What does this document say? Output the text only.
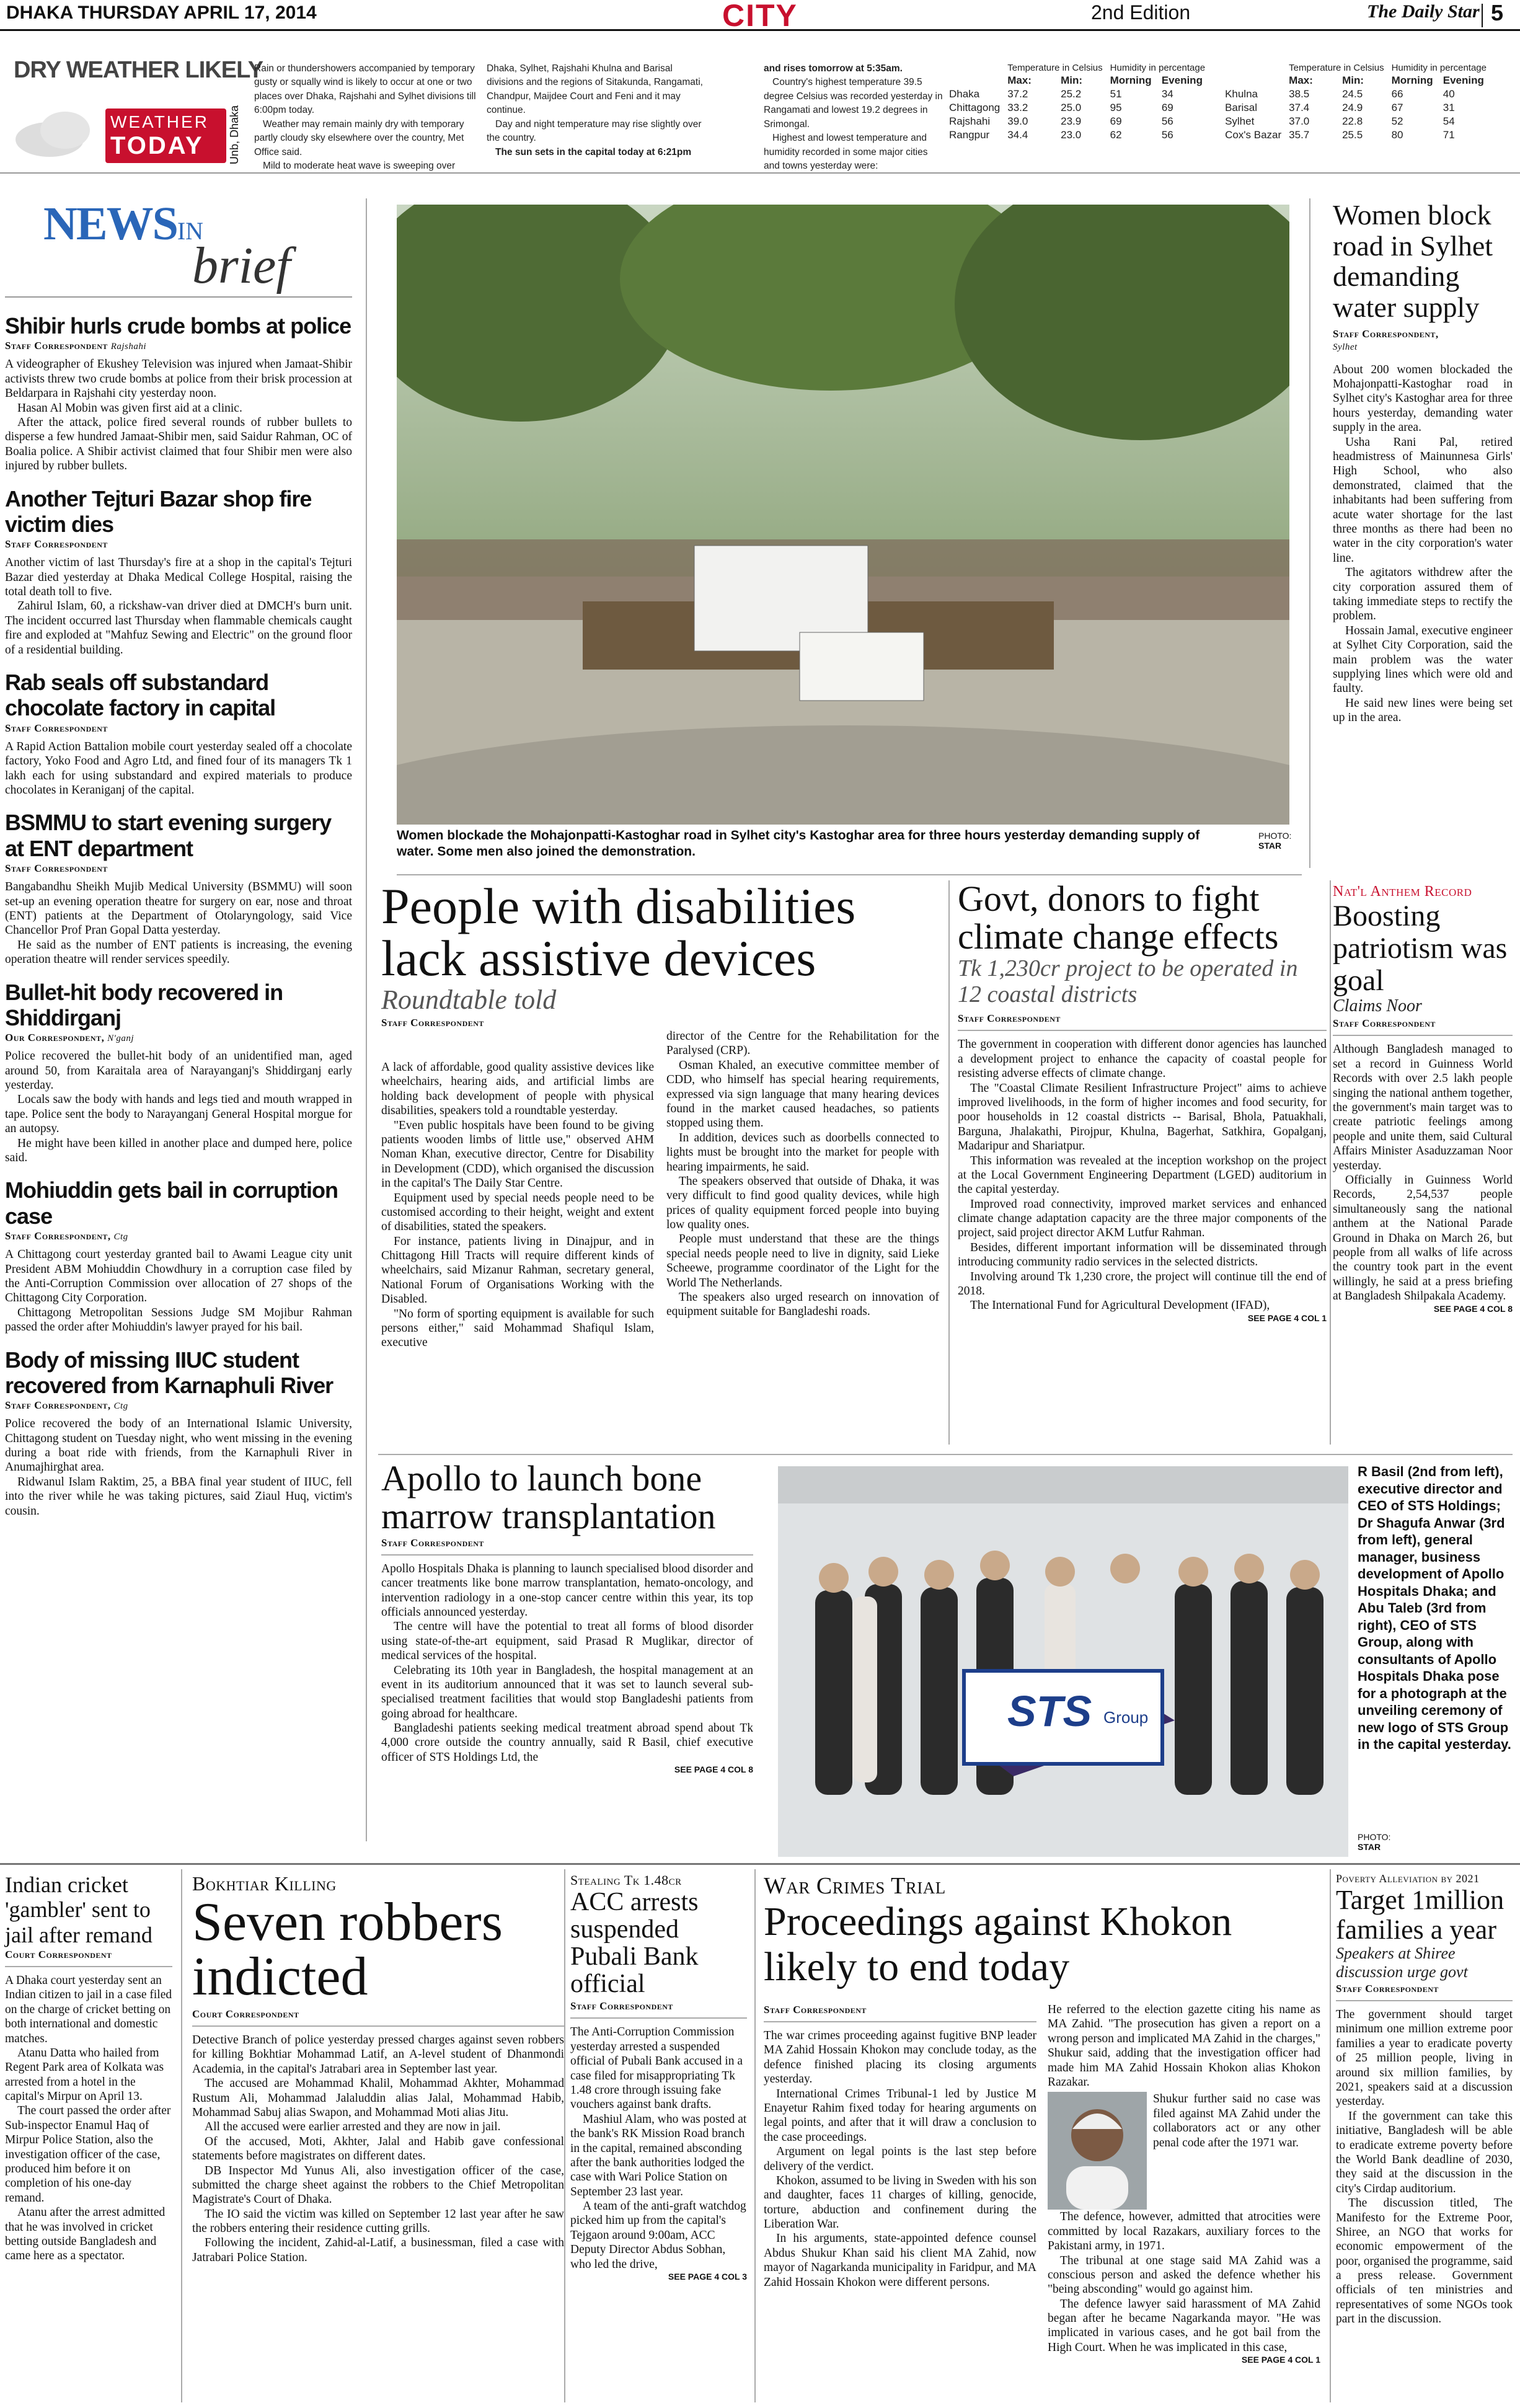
DHAKA THURSDAY APRIL 17, 2014	CITY	2nd Edition	The Daily Star 5
DRY WEATHER LIKELY
WEATHER
TODAY Unb, Dhaka
Rain or thundershowers accompanied by temporary gusty or squally wind is likely to occur at one or two places over Dhaka, Rajshahi and Sylhet divisions till 6:00pm today.
Weather may remain mainly dry with temporary partly cloudy sky elsewhere over the country, Met Office said.
Mild to moderate heat wave is sweeping over
Dhaka, Sylhet, Rajshahi Khulna and Barisal divisions and the regions of Sitakunda, Rangamati, Chandpur, Maijdee Court and Feni and it may continue.
Day and night temperature may rise slightly over the country.
The sun sets in the capital today at 6:21pm
and rises tomorrow at 5:35am.
Country's highest temperature 39.5 degree Celsius was recorded yesterday in Rangamati and lowest 19.2 degrees in Srimongal.
Highest and lowest temperature and humidity recorded in some major cities and towns yesterday were:
	Temperature in Celsius		Humidity in percentage				Temperature in Celsius		Humidity in percentage	
	Max:	Min:	Morning	Evening			Max:	Min:	Morning	Evening
Dhaka	37.2	25.2	51	34		Khulna	38.5	24.5	66	40
Chittagong	33.2	25.0	95	69		Barisal	37.4	24.9	67	31
Rajshahi	39.0	23.9	69	56		Sylhet	37.0	22.8	52	54
Rangpur	34.4	23.0	62	56		Cox's Bazar	35.7	25.5	80	71
NEWSIN
brief
Shibir hurls crude bombs at police
Staff Correspondent Rajshahi

A videographer of Ekushey Television was injured when Jamaat-Shibir activists threw two crude bombs at police from their brisk procession at Beldarpara in Rajshahi city yesterday noon.

Hasan Al Mobin was given first aid at a clinic.

After the attack, police fired several rounds of rubber bullets to disperse a few hundred Jamaat-Shibir men, said Saidur Rahman, OC of Boalia police. A Shibir activist claimed that four Shibir men were also injured by rubber bullets.

Another Tejturi Bazar shop fire victim dies
Staff Correspondent

Another victim of last Thursday's fire at a shop in the capital's Tejturi Bazar died yesterday at Dhaka Medical College Hospital, raising the total death toll to five.

Zahirul Islam, 60, a rickshaw-van driver died at DMCH's burn unit. The incident occurred last Thursday when flammable chemicals caught fire and exploded at "Mahfuz Sewing and Electric" on the ground floor of a residential building.

Rab seals off substandard chocolate factory in capital
Staff Correspondent

A Rapid Action Battalion mobile court yesterday sealed off a chocolate factory, Yoko Food and Agro Ltd, and fined four of its managers Tk 1 lakh each for using substandard and expired materials to produce chocolates in Keraniganj of the capital.

BSMMU to start evening surgery at ENT department
Staff Correspondent

Bangabandhu Sheikh Mujib Medical University (BSMMU) will soon set-up an evening operation theatre for surgery on ear, nose and throat (ENT) patients at the Department of Otolaryngology, said Vice Chancellor Prof Pran Gopal Datta yesterday.

He said as the number of ENT patients is increasing, the evening operation theatre will render services speedily.

Bullet-hit body recovered in Shiddirganj
Our Correspondent, N'ganj

Police recovered the bullet-hit body of an unidentified man, aged around 50, from Karaitala area of Narayanganj's Shiddirganj early yesterday.

Locals saw the body with hands and legs tied and mouth wrapped in tape. Police sent the body to Narayanganj General Hospital morgue for an autopsy.

He might have been killed in another place and dumped here, police said.

Mohiuddin gets bail in corruption case
Staff Correspondent, Ctg

A Chittagong court yesterday granted bail to Awami League city unit President ABM Mohiuddin Chowdhury in a corruption case filed by the Anti-Corruption Commission over allocation of 27 shops of the Chittagong City Corporation.

Chittagong Metropolitan Sessions Judge SM Mojibur Rahman passed the order after Mohiuddin's lawyer prayed for his bail.

Body of missing IIUC student recovered from Karnaphuli River
Staff Correspondent, Ctg

Police recovered the body of an International Islamic University, Chittagong student on Tuesday night, who went missing in the evening during a boat ride with friends, from the Karnaphuli River in Anumajhirghat area.

Ridwanul Islam Raktim, 25, a BBA final year student of IIUC, fell into the river while he was taking pictures, said Ziaul Huq, victim's cousin.

Women blockade the Mohajonpatti-Kastoghar road in Sylhet city's Kastoghar area for three hours yesterday demanding supply of water. Some men also joined the demonstration.
PHOTO:
STAR
Women block road in Sylhet demanding water supply
Staff Correspondent,
Sylhet

About 200 women blockaded the Mohajonpatti-Kastoghar road in Sylhet city's Kastoghar area for three hours yesterday, demanding water supply in the area.

Usha Rani Pal, retired headmistress of Mainunnesa Girls' High School, who also demonstrated, claimed that the inhabitants had been suffering from acute water shortage for the last three months as there had been no water in the city corporation's water line.

The agitators withdrew after the city corporation assured them of taking immediate steps to rectify the problem.

Hossain Jamal, executive engineer at Sylhet City Corporation, said the main problem was the water supplying lines which were old and faulty.

He said new lines were being set up in the area.

People with disabilities lack assistive devices
Roundtable told
Staff Correspondent

A lack of affordable, good quality assistive devices like wheelchairs, hearing aids, and artificial limbs are holding back development of people with physical disabilities, speakers told a roundtable yesterday.

"Even public hospitals have been found to be giving patients wooden limbs of little use," observed AHM Noman Khan, executive director, Centre for Disability in Development (CDD), which organised the discussion in the capital's The Daily Star Centre.

Equipment used by special needs people need to be customised according to their height, weight and extent of disabilities, stated the speakers.

For instance, patients living in Dinajpur, and in Chittagong Hill Tracts will require different kinds of wheelchairs, said Mizanur Rahman, secretary general, National Forum of Organisations Working with the Disabled.

"No form of sporting equipment is available for such persons either," said Mohammad Shafiqul Islam, executive

director of the Centre for the Rehabilitation for the Paralysed (CRP).

Osman Khaled, an executive committee member of CDD, who himself has special hearing requirements, expressed via sign language that many hearing devices found in the market caused headaches, so patients stopped using them.

In addition, devices such as doorbells connected to lights must be brought into the market for people with hearing impairments, he said.

The speakers observed that outside of Dhaka, it was very difficult to find good quality devices, while high prices of quality equipment forced people into buying low quality ones.

People must understand that these are the things special needs people need to live in dignity, said Lieke Scheewe, programme coordinator of the Light for the World The Netherlands.

The speakers also urged research on innovation of equipment suitable for Bangladeshi roads.

Govt, donors to fight climate change effects
Tk 1,230cr project to be operated in 12 coastal districts
Staff Correspondent

The government in cooperation with different donor agencies has launched a development project to enhance the capacity of coastal people for resisting adverse effects of climate change.

The "Coastal Climate Resilient Infrastructure Project" aims to achieve improved livelihoods, in the form of higher incomes and food security, for poor households in 12 coastal districts -- Barisal, Bhola, Patuakhali, Barguna, Jhalakathi, Pirojpur, Khulna, Bagerhat, Satkhira, Gopalganj, Madaripur and Shariatpur.

This information was revealed at the inception workshop on the project at the Local Government Engineering Department (LGED) auditorium in the capital yesterday.

Improved road connectivity, improved market services and enhanced climate change adaptation capacity are the three major components of the project, said project director AKM Lutfur Rahman.

Besides, different important information will be disseminated through introducing community radio services in the selected districts.

Involving around Tk 1,230 crore, the project will continue till the end of 2018.

The International Fund for Agricultural Development (IFAD),

SEE PAGE 4 COL 1
Nat'l Anthem Record
Boosting patriotism was goal
Claims Noor
Staff Correspondent

Although Bangladesh managed to set a record in Guinness World Records with over 2.5 lakh people singing the national anthem together, the government's main target was to create patriotic feelings among people and unite them, said Cultural Affairs Minister Asaduzzaman Noor yesterday.

Officially in Guinness World Records, 2,54,537 people simultaneously sang the national anthem at the National Parade Ground in Dhaka on March 26, but people from all walks of life across the country took part in the event willingly, he said at a press briefing at Bangladesh Shilpakala Academy.

SEE PAGE 4 COL 8
Apollo to launch bone marrow transplantation
Staff Correspondent

Apollo Hospitals Dhaka is planning to launch specialised blood disorder and cancer treatments like bone marrow transplantation, hemato-oncology, and intervention radiology in a one-stop cancer centre within this year, its top officials announced yesterday.

The centre will have the potential to treat all forms of blood disorder using state-of-the-art equipment, said Prasad R Muglikar, director of medical services of the hospital.

Celebrating its 10th year in Bangladesh, the hospital management at an event in its auditorium announced that it was set to launch several sub-specialised treatment facilities that would stop Bangladeshi patients from going abroad for healthcare.

Bangladeshi patients seeking medical treatment abroad spend about Tk 4,000 crore outside the country annually, said R Basil, chief executive officer of STS Holdings Ltd, the

SEE PAGE 4 COL 8
STS Group
R Basil (2nd from left), executive director and CEO of STS Holdings; Dr Shagufa Anwar (3rd from left), general manager, business development of Apollo Hospitals Dhaka; and Abu Taleb (3rd from right), CEO of STS Group, along with consultants of Apollo Hospitals Dhaka pose for a photograph at the unveiling ceremony of new logo of STS Group in the capital yesterday.
PHOTO:
STAR
Indian cricket 'gambler' sent to jail after remand
Court Correspondent

A Dhaka court yesterday sent an Indian citizen to jail in a case filed on the charge of cricket betting on both international and domestic matches.

Atanu Datta who hailed from Regent Park area of Kolkata was arrested from a hotel in the capital's Mirpur on April 13.

The court passed the order after Sub-inspector Enamul Haq of Mirpur Police Station, also the investigation officer of the case, produced him before it on completion of his one-day remand.

Atanu after the arrest admitted that he was involved in cricket betting outside Bangladesh and came here as a spectator.

Bokhtiar Killing
Seven robbers indicted
Court Correspondent

Detective Branch of police yesterday pressed charges against seven robbers for killing Bokhtiar Mohammad Latif, an A-level student of Dhanmondi Academia, in the capital's Jatrabari area in September last year.

The accused are Mohammad Khalil, Mohammad Akhter, Mohammad Rustum Ali, Mohammad Jalaluddin alias Jalal, Mohammad Habib, Mohammad Sabuj alias Swapon, and Mohammad Moti alias Jitu.

All the accused were earlier arrested and they are now in jail.

Of the accused, Moti, Akhter, Jalal and Habib gave confessional statements before magistrates on different dates.

DB Inspector Md Yunus Ali, also investigation officer of the case, submitted the charge sheet against the robbers to the Chief Metropolitan Magistrate's Court of Dhaka.

The IO said the victim was killed on September 12 last year after he saw the robbers entering their residence cutting grills.

Following the incident, Zahid-al-Latif, a businessman, filed a case with Jatrabari Police Station.

Stealing Tk 1.48cr
ACC arrests suspended Pubali Bank official
Staff Correspondent

The Anti-Corruption Commission yesterday arrested a suspended official of Pubali Bank accused in a case filed for misappropriating Tk 1.48 crore through issuing fake vouchers against bank drafts.

Mashiul Alam, who was posted at the bank's RK Mission Road branch in the capital, remained absconding after the bank authorities lodged the case with Wari Police Station on September 23 last year.

A team of the anti-graft watchdog picked him up from the capital's Tejgaon around 9:00am, ACC Deputy Director Abdus Sobhan, who led the drive,

SEE PAGE 4 COL 3
War Crimes Trial
Proceedings against Khokon likely to end today
Staff Correspondent

The war crimes proceeding against fugitive BNP leader MA Zahid Hossain Khokon may conclude today, as the defence finished placing its closing arguments yesterday.

International Crimes Tribunal-1 led by Justice M Enayetur Rahim fixed today for hearing arguments on legal points, and after that it will draw a conclusion to the case proceedings.

Argument on legal points is the last step before delivery of the verdict.

Khokon, assumed to be living in Sweden with his son and daughter, faces 11 charges of killing, genocide, torture, abduction and confinement during the Liberation War.

In his arguments, state-appointed defence counsel Abdus Shukur Khan said his client MA Zahid, now mayor of Nagarkanda municipality in Faridpur, and MA Zahid Hossain Khokon were different persons.

He referred to the election gazette citing his name as MA Zahid. "The prosecution has given a report on a wrong person and implicated MA Zahid in the charges," Shukur said, adding that the investigation officer had made him MA Zahid Hossain Khokon alias Khokon Razakar.

Shukur further said no case was filed against MA Zahid under the collaborators act or any other penal code after the 1971 war.

The defence, however, admitted that atrocities were committed by local Razakars, auxiliary forces to the Pakistani army, in 1971.

The tribunal at one stage said MA Zahid was a conscious person and asked the defence whether his "being absconding" would go against him.

The defence lawyer said harassment of MA Zahid began after he became Nagarkanda mayor. "He was implicated in various cases, and he got bail from the High Court. When he was implicated in this case,

SEE PAGE 4 COL 1
Poverty Alleviation by 2021
Target 1million families a year
Speakers at Shiree discussion urge govt
Staff Correspondent

The government should target minimum one million extreme poor families a year to eradicate poverty of 25 million people, living in around six million families, by 2021, speakers said at a discussion yesterday.

If the government can take this initiative, Bangladesh will be able to eradicate extreme poverty before the World Bank deadline of 2030, they said at the discussion in the city's Cirdap auditorium.

The discussion titled, The Manifesto for the Extreme Poor, Shiree, an NGO that works for economic empowerment of the poor, organised the programme, said a press release. Government officials of ten ministries and representatives of some NGOs took part in the discussion.
